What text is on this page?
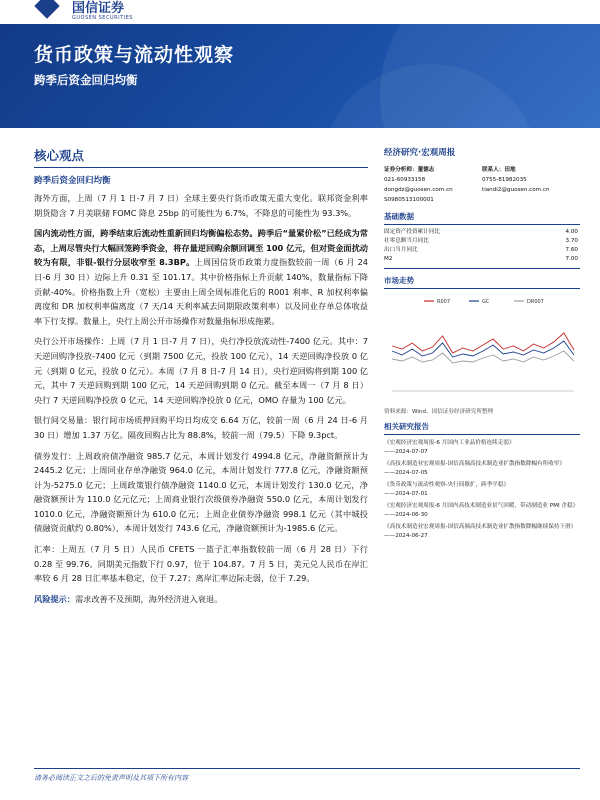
国信证券
GUOSEN SECURITIES
货币政策与流动性观察
跨季后资金回归均衡
核心观点
跨季后资金回归均衡
海外方面，上周（7 月 1 日-7 月 7 日）全球主要央行货币政策无重大变化。联邦资金利率期货隐含 7 月美联储 FOMC 降息 25bp 的可能性为 6.7%，不降息的可能性为 93.3%。
国内流动性方面，跨季结束后流动性重新回归均衡偏松态势。跨季后“量紧价松”已经成为常态，上周尽管央行大幅回笼跨季资金，将存量逆回购余额回调至 100 亿元，但对资金面扰动较为有限，非银-银行分层收窄至 8.3BP。上周国信货币政策力度指数较前一周（6 月 24 日-6 月 30 日）边际上升 0.31 至 101.17。其中价格指标上升贡献 140%，数量指标下降贡献-40%。价格指数上升（宽松）主要由上周全周标准化后的 R001 利率、R 加权利率偏离度和 DR 加权利率偏离度（7 天/14 天利率减去同期限政策利率）以及同业存单总体收益率下行支撑。数量上，央行上周公开市场操作对数量指标形成拖累。
央行公开市场操作：上周（7 月 1 日-7 月 7 日），央行净投放流动性-7400 亿元。其中：7 天逆回购净投放-7400 亿元（到期 7500 亿元，投放 100 亿元），14 天逆回购净投放 0 亿元（到期 0 亿元，投放 0 亿元）。本周（7 月 8 日-7 月 14 日），央行逆回购将到期 100 亿元，其中 7 天逆回购到期 100 亿元，14 天逆回购到期 0 亿元。截至本周一（7 月 8 日）央行 7 天逆回购净投放 0 亿元，14 天逆回购净投放 0 亿元，OMO 存量为 100 亿元。
银行间交易量：银行间市场质押回购平均日均成交 6.64 万亿，较前一周（6 月 24 日-6 月 30 日）增加 1.37 万亿。隔夜回购占比为 88.8%，较前一周（79.5）下降 9.3pct。
债券发行：上周政府债净融资 985.7 亿元，本周计划发行 4994.8 亿元，净融资额预计为 2445.2 亿元；上周同业存单净融资 964.0 亿元，本周计划发行 777.8 亿元，净融资额预计为-5275.0 亿元；上周政策银行债净融资 1140.0 亿元，本周计划发行 130.0 亿元，净融资额预计为 110.0 亿元亿元；上周商业银行次级债券净融资 550.0 亿元，本周计划发行 1010.0 亿元，净融资额预计为 610.0 亿元；上周企业债券净融资 998.1 亿元（其中城投债融资贡献约 0.80%），本周计划发行 743.6 亿元，净融资额预计为-1985.6 亿元。
汇率：上周五（7 月 5 日）人民币 CFETS 一篮子汇率指数较前一周（6 月 28 日）下行 0.28 至 99.76。同期美元指数下行 0.97，位于 104.87。7 月 5 日，美元兑人民币在岸汇率较 6 月 28 日汇率基本稳定，位于 7.27；离岸汇率边际走弱，位于 7.29。
风险提示：需求改善不及预期，海外经济进入衰退。
经济研究·宏观周报
证券分析师：董德志
021-60933158
dongdz@guosen.com.cn
S0980513100001
联系人：田地
0755-81982035
tiandi2@guosen.com.cn
基础数据
固定资产投资累计同比	4.00
社零总额当月同比	3.70
出口当月同比	7.60
M2	7.00
市场走势
R007	GC	DR007
资料来源：Wind、国信证券经济研究所整理
相关研究报告
《宏观经济宏观周报-6 月国内工业品价格连续走弱》
——2024-07-07
《高技术制造业宏观周报-国信高频高技术制造业扩散指数降幅有所收窄》
——2024-07-05
《货币政策与流动性观察-央行间歇扩，跨季平稳》
——2024-07-01
《宏观经济宏观周报-6 月国内高技术制造业景气回暖，带动制造业 PMI 企稳》
——2024-06-30
《高技术制造业宏观周报-国信高频高技术制造业扩散指数降幅继续保持下滑》
——2024-06-27
请务必阅读正文之后的免责声明及其项下所有内容
